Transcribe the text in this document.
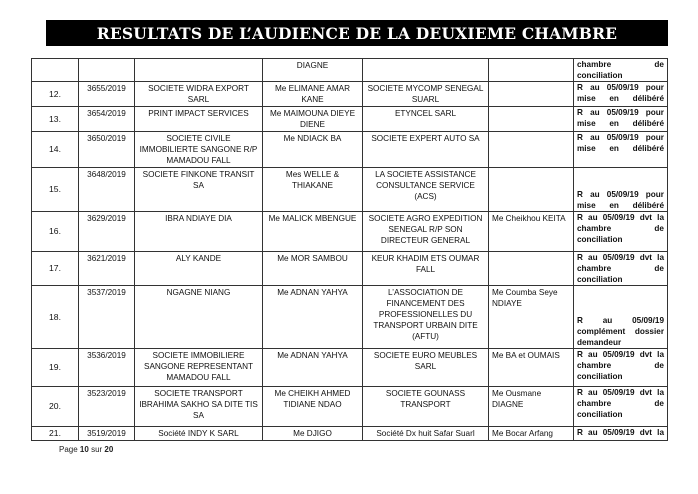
RESULTATS DE L’AUDIENCE DE LA DEUXIEME CHAMBRE
			DIAGNE			chambre de conciliation
12.	3655/2019	SOCIETE WIDRA EXPORT SARL	Me ELIMANE AMAR KANE	SOCIETE MYCOMP SENEGAL SUARL		R au 05/09/19 pour mise en délibéré
13.	3654/2019	PRINT IMPACT SERVICES	Me MAIMOUNA DIEYE DIENE	ETYNCEL SARL		R au 05/09/19 pour mise en délibéré
14.	3650/2019	SOCIETE CIVILE IMMOBILIERTE SANGONE R/P MAMADOU FALL	Me NDIACK BA	SOCIETE EXPERT AUTO SA		R au 05/09/19 pour mise en délibéré
15.	3648/2019	SOCIETE FINKONE TRANSIT SA	Mes WELLE & THIAKANE	LA SOCIETE ASSISTANCE CONSULTANCE SERVICE (ACS)		R au 05/09/19 pour mise en délibéré
16.	3629/2019	IBRA NDIAYE DIA	Me MALICK MBENGUE	SOCIETE AGRO EXPEDITION SENEGAL R/P SON DIRECTEUR GENERAL	Me Cheikhou KEITA	R au 05/09/19 dvt la chambre de conciliation
17.	3621/2019	ALY KANDE	Me MOR SAMBOU	KEUR KHADIM ETS OUMAR FALL		R au 05/09/19 dvt la chambre de conciliation
18.	3537/2019	NGAGNE NIANG	Me ADNAN YAHYA	L’ASSOCIATION DE FINANCEMENT DES PROFESSIONELLES DU TRANSPORT URBAIN DITE (AFTU)	Me Coumba Seye NDIAYE	R au 05/09/19 complément dossier demandeur
19.	3536/2019	SOCIETE IMMOBILIERE SANGONE REPRESENTANT MAMADOU FALL	Me ADNAN YAHYA	SOCIETE EURO MEUBLES SARL	Me BA et OUMAIS	R au 05/09/19 dvt la chambre de conciliation
20.	3523/2019	SOCIETE TRANSPORT IBRAHIMA SAKHO SA DITE TIS SA	Me CHEIKH AHMED TIDIANE NDAO	SOCIETE GOUNASS TRANSPORT	Me Ousmane DIAGNE	R au 05/09/19 dvt la chambre de conciliation
21.	3519/2019	Société INDY K SARL	Me DJIGO	Société Dx huit Safar Suarl	Me Bocar Arfang	R au 05/09/19 dvt la
Page 10 sur 20
